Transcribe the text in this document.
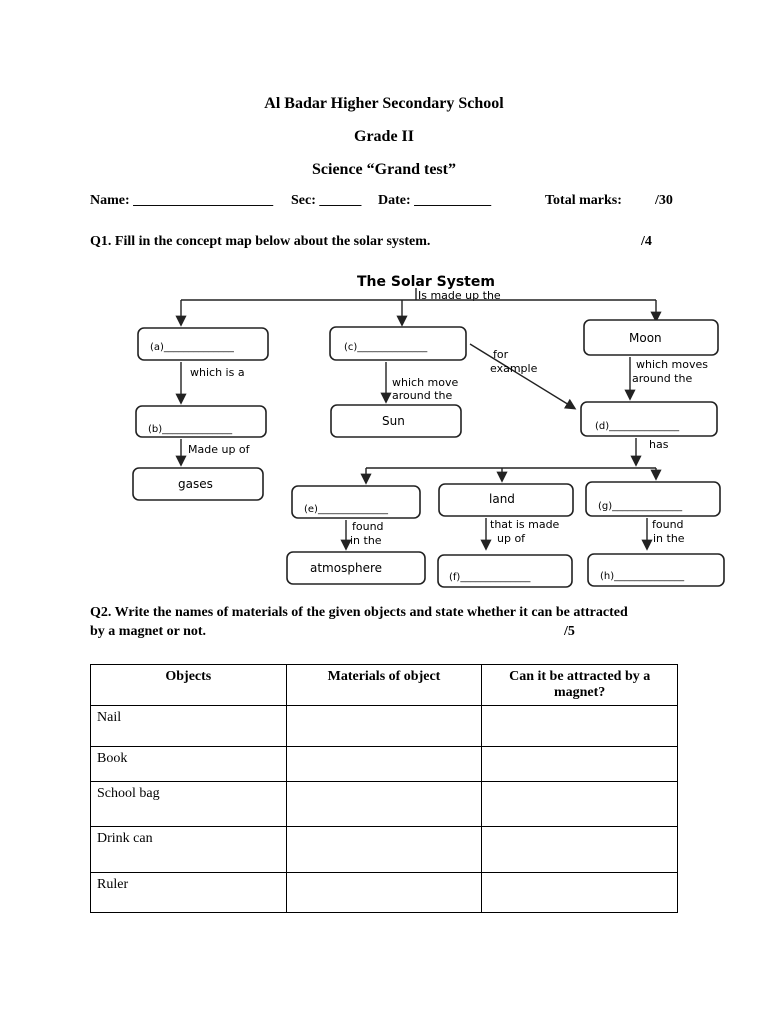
Al Badar Higher Secondary School
Grade II
Science “Grand test”
Name: ____________________ Sec: ______ Date: ___________	Total marks: /30
Q1. Fill in the concept map below about the solar system.	/4
The Solar System
Is made up the
(a)______________	(c)______________
Moon
which is a
which move
around the
for
example	which moves
around the
(b)______________
Sun	(d)______________
Made up of	has
gases
(e)______________
land
(g)______________
found
in the
that is made
up of
found
in the
atmosphere
(f)______________	(h)______________
Q2. Write the names of materials of the given objects and state whether it can be attracted
by a magnet or not.	/5
Objects	Materials of object	Can it be attracted by a magnet?
Nail		
Book		
School bag		
Drink can		
Ruler		
